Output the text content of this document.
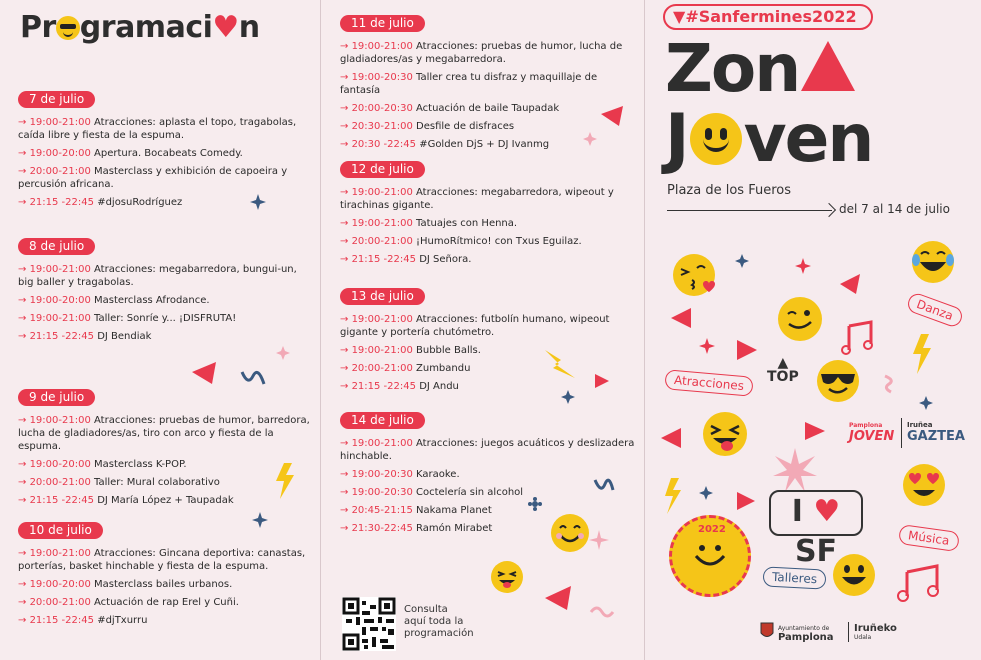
Pr gramaci♥n
7 de julio
→ 19:00-21:00 Atracciones: aplasta el topo, tragabolas, caída libre y fiesta de la espuma.
→ 19:00-20:00 Apertura. Bocabeats Comedy.
→ 20:00-21:00 Masterclass y exhibición de capoeira y percusión africana.
→ 21:15 -22:45 #djosuRodríguez
8 de julio
→ 19:00-21:00 Atracciones: megabarredora, bungui-un, big baller y tragabolas.
→ 19:00-20:00 Masterclass Afrodance.
→ 19:00-21:00 Taller: Sonríe y... ¡DISFRUTA!
→ 21:15 -22:45 DJ Bendiak
9 de julio
→ 19:00-21:00 Atracciones: pruebas de humor, barredora, lucha de gladiadores/as, tiro con arco y fiesta de la espuma.
→ 19:00-20:00 Masterclass K-POP.
→ 20:00-21:00 Taller: Mural colaborativo
→ 21:15 -22:45 DJ María López + Taupadak
10 de julio
→ 19:00-21:00 Atracciones: Gincana deportiva: canastas, porterías, basket hinchable y fiesta de la espuma.
→ 19:00-20:00 Masterclass bailes urbanos.
→ 20:00-21:00 Actuación de rap Erel y Cuñi.
→ 21:15 -22:45 #djTxurru
11 de julio
→ 19:00-21:00 Atracciones: pruebas de humor, lucha de gladiadores/as y megabarredora.
→ 19:00-20:30 Taller crea tu disfraz y maquillaje de fantasía
→ 20:00-20:30 Actuación de baile Taupadak
→ 20:30-21:00 Desfile de disfraces
→ 20:30 -22:45 #Golden DjS + DJ Ivanmg
12 de julio
→ 19:00-21:00 Atracciones: megabarredora, wipeout y tirachinas gigante.
→ 19:00-21:00 Tatuajes con Henna.
→ 20:00-21:00 ¡HumoRítmico! con Txus Eguilaz.
→ 21:15 -22:45 DJ Señora.
13 de julio
→ 19:00-21:00 Atracciones: futbolín humano, wipeout gigante y portería chutómetro.
→ 19:00-21:00 Bubble Balls.
→ 20:00-21:00 Zumbandu
→ 21:15 -22:45 DJ Andu
14 de julio
→ 19:00-21:00 Atracciones: juegos acuáticos y deslizadera hinchable.
→ 19:00-20:30 Karaoke.
→ 19:00-20:30 Coctelería sin alcohol
→ 20:45-21:15 Nakama Planet
→ 21:30-22:45 Ramón Mirabet
Consulta
aquí toda la
programación
▼#Sanfermines2022
Zon
J ven
Plaza de los Fueros
del 7 al 14 de julio
Danza
▲
TOP
Atracciones
Pamplona
JOVEN
Iruñea
GAZTEA
I ♥ SF	Música
2022
Talleres
Ayuntamiento de
Pamplona
Iruñeko
Udala
